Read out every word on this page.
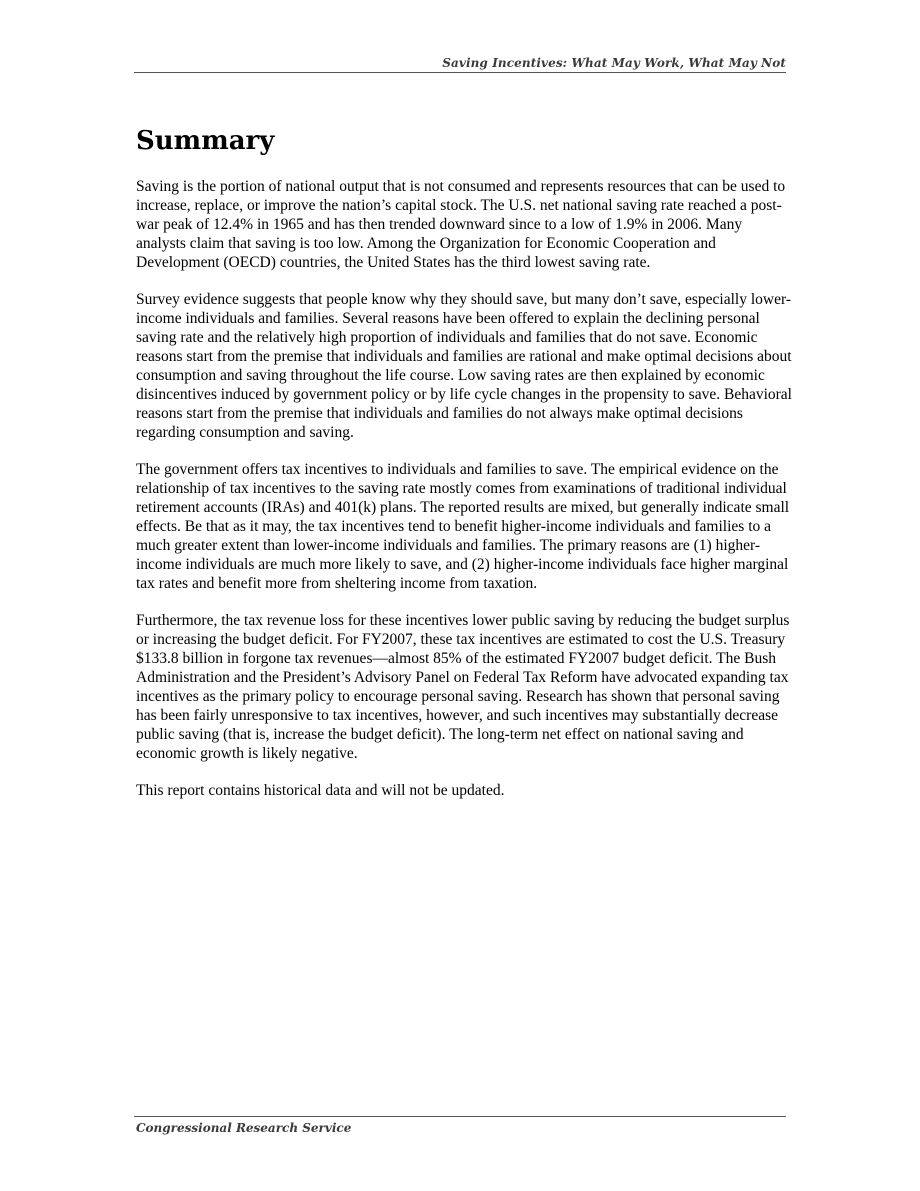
Saving Incentives: What May Work, What May Not
Summary

Saving is the portion of national output that is not consumed and represents resources that can be used to increase, replace, or improve the nation’s capital stock. The U.S. net national saving rate reached a post-war peak of 12.4% in 1965 and has then trended downward since to a low of 1.9% in 2006. Many analysts claim that saving is too low. Among the Organization for Economic Cooperation and Development (OECD) countries, the United States has the third lowest saving rate.

Survey evidence suggests that people know why they should save, but many don’t save, especially lower-income individuals and families. Several reasons have been offered to explain the declining personal saving rate and the relatively high proportion of individuals and families that do not save. Economic reasons start from the premise that individuals and families are rational and make optimal decisions about consumption and saving throughout the life course. Low saving rates are then explained by economic disincentives induced by government policy or by life cycle changes in the propensity to save. Behavioral reasons start from the premise that individuals and families do not always make optimal decisions regarding consumption and saving.

The government offers tax incentives to individuals and families to save. The empirical evidence on the relationship of tax incentives to the saving rate mostly comes from examinations of traditional individual retirement accounts (IRAs) and 401(k) plans. The reported results are mixed, but generally indicate small effects. Be that as it may, the tax incentives tend to benefit higher-income individuals and families to a much greater extent than lower-income individuals and families. The primary reasons are (1) higher-income individuals are much more likely to save, and (2) higher-income individuals face higher marginal tax rates and benefit more from sheltering income from taxation.

Furthermore, the tax revenue loss for these incentives lower public saving by reducing the budget surplus or increasing the budget deficit. For FY2007, these tax incentives are estimated to cost the U.S. Treasury $133.8 billion in forgone tax revenues—almost 85% of the estimated FY2007 budget deficit. The Bush Administration and the President’s Advisory Panel on Federal Tax Reform have advocated expanding tax incentives as the primary policy to encourage personal saving. Research has shown that personal saving has been fairly unresponsive to tax incentives, however, and such incentives may substantially decrease public saving (that is, increase the budget deficit). The long-term net effect on national saving and economic growth is likely negative.

This report contains historical data and will not be updated.

Congressional Research Service
